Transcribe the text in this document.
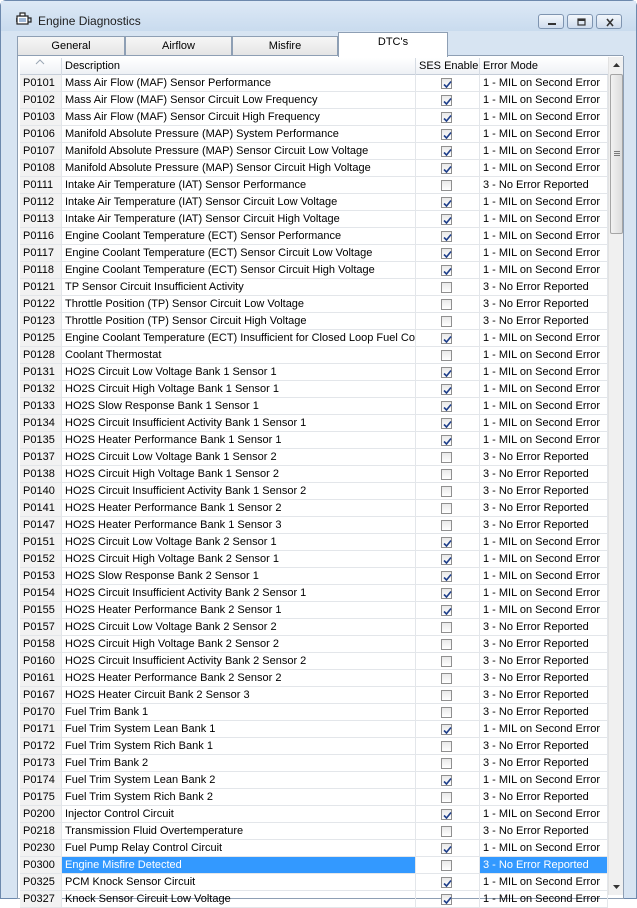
Engine Diagnostics
General	Airflow	Misfire	DTC's
Description	SES Enable Error Mode
P0101 Mass Air Flow (MAF) Sensor Performance	1 - MIL on Second Error
P0102 Mass Air Flow (MAF) Sensor Circuit Low Frequency	1 - MIL on Second Error
P0103 Mass Air Flow (MAF) Sensor Circuit High Frequency	1 - MIL on Second Error
P0106 Manifold Absolute Pressure (MAP) System Performance	1 - MIL on Second Error
P0107 Manifold Absolute Pressure (MAP) Sensor Circuit Low Voltage	1 - MIL on Second Error
P0108 Manifold Absolute Pressure (MAP) Sensor Circuit High Voltage	1 - MIL on Second Error
P0111	Intake Air Temperature (IAT) Sensor Performance	3 - No Error Reported
P0112	Intake Air Temperature (IAT) Sensor Circuit Low Voltage	1 - MIL on Second Error
P0113	Intake Air Temperature (IAT) Sensor Circuit High Voltage	1 - MIL on Second Error
P0116	Engine Coolant Temperature (ECT) Sensor Performance	1 - MIL on Second Error
P0117	Engine Coolant Temperature (ECT) Sensor Circuit Low Voltage	1 - MIL on Second Error
P0118	Engine Coolant Temperature (ECT) Sensor Circuit High Voltage	1 - MIL on Second Error
P0121 TP Sensor Circuit Insufficient Activity	3 - No Error Reported
P0122 Throttle Position (TP) Sensor Circuit Low Voltage	3 - No Error Reported
P0123 Throttle Position (TP) Sensor Circuit High Voltage	3 - No Error Reported
P0125 Engine Coolant Temperature (ECT) Insufficient for Closed Loop Fuel Co	1 - MIL on Second Error
P0128 Coolant Thermostat	1 - MIL on Second Error
P0131 HO2S Circuit Low Voltage Bank 1 Sensor 1	1 - MIL on Second Error
P0132 HO2S Circuit High Voltage Bank 1 Sensor 1	1 - MIL on Second Error
P0133 HO2S Slow Response Bank 1 Sensor 1	1 - MIL on Second Error
P0134 HO2S Circuit Insufficient Activity Bank 1 Sensor 1	1 - MIL on Second Error
P0135 HO2S Heater Performance Bank 1 Sensor 1	1 - MIL on Second Error
P0137 HO2S Circuit Low Voltage Bank 1 Sensor 2	3 - No Error Reported
P0138 HO2S Circuit High Voltage Bank 1 Sensor 2	3 - No Error Reported
P0140 HO2S Circuit Insufficient Activity Bank 1 Sensor 2	3 - No Error Reported
P0141 HO2S Heater Performance Bank 1 Sensor 2	3 - No Error Reported
P0147 HO2S Heater Performance Bank 1 Sensor 3	3 - No Error Reported
P0151 HO2S Circuit Low Voltage Bank 2 Sensor 1	1 - MIL on Second Error
P0152 HO2S Circuit High Voltage Bank 2 Sensor 1	1 - MIL on Second Error
P0153 HO2S Slow Response Bank 2 Sensor 1	1 - MIL on Second Error
P0154 HO2S Circuit Insufficient Activity Bank 2 Sensor 1	1 - MIL on Second Error
P0155 HO2S Heater Performance Bank 2 Sensor 1	1 - MIL on Second Error
P0157 HO2S Circuit Low Voltage Bank 2 Sensor 2	3 - No Error Reported
P0158 HO2S Circuit High Voltage Bank 2 Sensor 2	3 - No Error Reported
P0160 HO2S Circuit Insufficient Activity Bank 2 Sensor 2	3 - No Error Reported
P0161 HO2S Heater Performance Bank 2 Sensor 2	3 - No Error Reported
P0167 HO2S Heater Circuit Bank 2 Sensor 3	3 - No Error Reported
P0170 Fuel Trim Bank 1	3 - No Error Reported
P0171 Fuel Trim System Lean Bank 1	1 - MIL on Second Error
P0172 Fuel Trim System Rich Bank 1	3 - No Error Reported
P0173 Fuel Trim Bank 2	3 - No Error Reported
P0174 Fuel Trim System Lean Bank 2	1 - MIL on Second Error
P0175 Fuel Trim System Rich Bank 2	3 - No Error Reported
P0200 Injector Control Circuit	1 - MIL on Second Error
P0218 Transmission Fluid Overtemperature	3 - No Error Reported
P0230 Fuel Pump Relay Control Circuit	1 - MIL on Second Error
P0300 Engine Misfire Detected	3 - No Error Reported
P0325 PCM Knock Sensor Circuit	1 - MIL on Second Error
P0327 Knock Sensor Circuit Low Voltage	1 - MIL on Second Error
